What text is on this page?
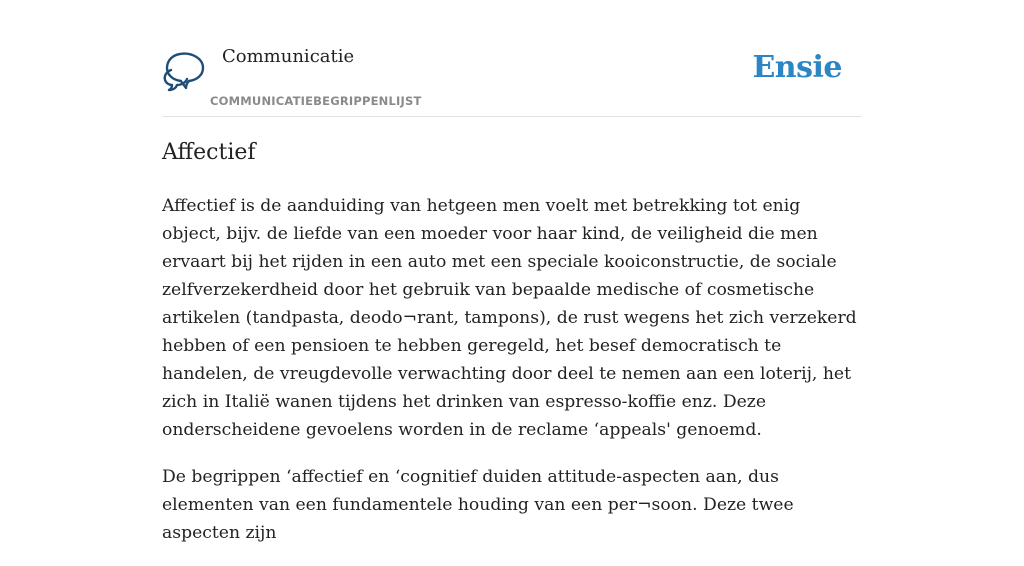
Communicatie
COMMUNICATIEBEGRIPPENLIJST
Ensie
Affectief

Affectief is de aanduiding van hetgeen men voelt met betrekking tot enig object, bijv. de liefde van een moeder voor haar kind, de veiligheid die men ervaart bij het rijden in een auto met een speciale kooiconstructie, de sociale zelfverzekerdheid door het gebruik van bepaalde medische of cosmetische artikelen (tandpasta, deodo¬rant, tampons), de rust wegens het zich verzekerd hebben of een pensioen te hebben geregeld, het besef democratisch te handelen, de vreugdevolle verwachting door deel te nemen aan een loterij, het zich in Italië wanen tijdens het drinken van espresso-koffie enz. Deze onderscheidene gevoelens worden in de reclame ‘appeals' genoemd.

De begrippen ‘affectief en ‘cognitief duiden attitude-aspecten aan, dus elementen van een fundamentele houding van een per¬soon. Deze twee aspecten zijn
